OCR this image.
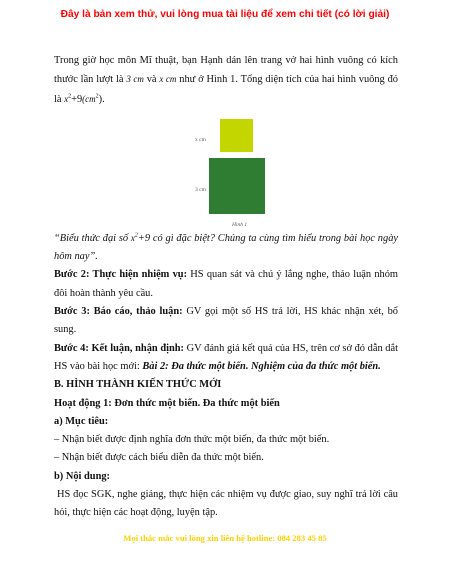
Đây là bản xem thử, vui lòng mua tài liệu để xem chi tiết (có lời giải)

Trong giờ học môn Mĩ thuật, bạn Hạnh dán lên trang vở hai hình vuông có kích thước lần lượt là 3 cm và x cm như ở Hình 1. Tổng diện tích của hai hình vuông đó là $x^2+9(cm^2)$.

x cm
3 cm
Hình 1

“Biểu thức đại số $x^2+9$ có gì đặc biệt? Chúng ta cùng tìm hiểu trong bài học ngày hôm nay”.

Bước 2: Thực hiện nhiệm vụ: HS quan sát và chú ý lắng nghe, thảo luận nhóm đôi hoàn thành yêu cầu.

Bước 3: Báo cáo, thảo luận: GV gọi một số HS trả lời, HS khác nhận xét, bổ sung.

Bước 4: Kết luận, nhận định: GV đánh giá kết quả của HS, trên cơ sở đó dẫn dắt HS vào bài học mới: Bài 2: Đa thức một biến. Nghiệm của đa thức một biến.

B. HÌNH THÀNH KIẾN THỨC MỚI

Hoạt động 1: Đơn thức một biến. Đa thức một biến

a) Mục tiêu:

– Nhận biết được định nghĩa đơn thức một biến, đa thức một biến.
– Nhận biết được cách biểu diễn đa thức một biến.

b) Nội dung:

HS đọc SGK, nghe giảng, thực hiện các nhiệm vụ được giao, suy nghĩ trả lời câu hỏi, thực hiện các hoạt động, luyện tập.

Mọi thắc mắc vui lòng xin liên hệ hotline: 084 283 45 85
